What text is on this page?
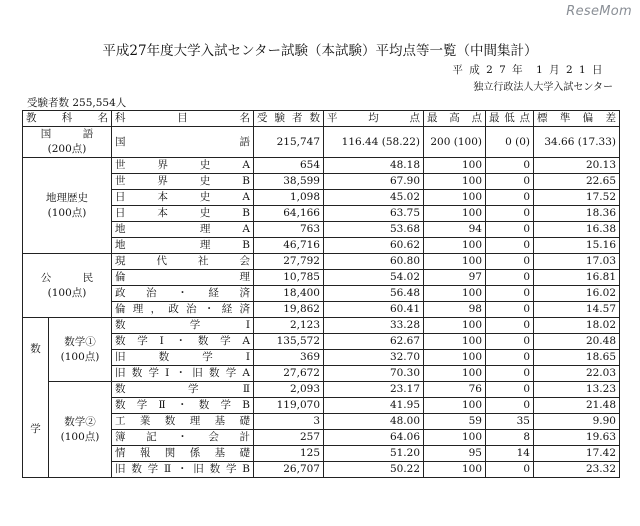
ReseMom
平成27年度大学入試センター試験（本試験）平均点等一覧（中間集計）
平 成 2 7 年　1 月 2 1 日
独立行政法人大学入試センター
受験者数 255,554人
教　科　名		科　　目　　名	受験者数	平　均　点	最　高　点	最 低 点	標　準　偏　差
国　　　語
(200点)		国　　　　　　　　語	215,747	116.44 (58.22)	200 (100)	0 (0)	34.66 (17.33)
地理歴史
(100点)		世　界　史　A	654	48.18	100	0	20.13
		世　界　史　B	38,599	67.90	100	0	22.65
		日　本　史　A	1,098	45.02	100	0	17.52
		日　本　史　B	64,166	63.75	100	0	18.36
		地　　　理　A	763	53.68	94	0	16.38
		地　　　理　B	46,716	60.62	100	0	15.16
公　　　民
(100点)		現　代　社　会	27,792	60.80	100	0	17.03
		倫　　　　　理	10,785	54.02	97	0	16.81
		政　治　・　経　済	18,400	56.48	100	0	16.02
		倫理，政治・経済	19,862	60.41	98	0	14.57
数	数学①
(100点)	数　　　学　　Ⅰ	2,123	33.28	100	0	18.02
		数学Ⅰ・数学A	135,572	62.67	100	0	20.48
		旧　数　学　Ⅰ	369	32.70	100	0	18.65
		旧数学Ⅰ・旧数学A	27,672	70.30	100	0	22.03
学	数学②
(100点)	数　　　学　　Ⅱ	2,093	23.17	76	0	13.23
		数学Ⅱ・数学B	119,070	41.95	100	0	21.48
		工業数理基礎	3	48.00	59	35	9.90
		簿　記　・　会　計	257	64.06	100	8	19.63
		情報関係基礎	125	51.20	95	14	17.42
		旧数学Ⅱ・旧数学B	26,707	50.22	100	0	23.32
